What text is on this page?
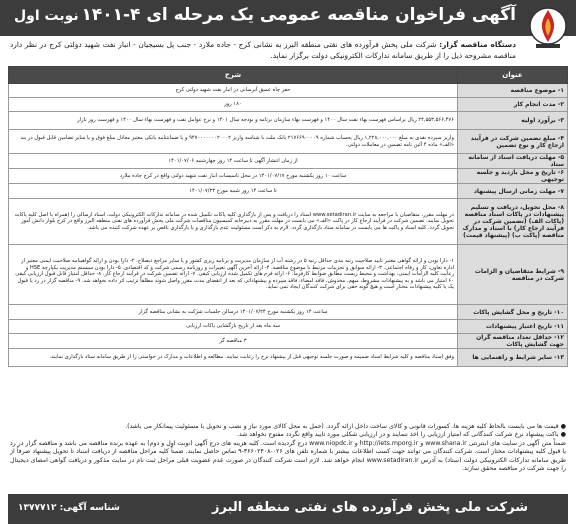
آگهی فراخوان مناقصه عمومی یک مرحله ای ۴-۱۴۰۱
نوبت اول
دستگاه مناقصه گزار: شرکت ملی پخش فرآورده های نفتی منطقه البرز به نشانی کرج - جاده ملارد - جنب پل بسیجیان - انبار نفت شهید دولتی کرج در نظر دارد مناقصه مشروحه ذیل را از طریق سامانه تدارکات الکترونیکی دولت برگزار نماید.
عنوان	شرح
۱- موضوع مناقصه	حفر چاه عمیق آبرسانی در انبار نفت شهید دولتی کرج
۲- مدت انجام کار	۱۸۰ روز
۳- برآورد اولیه	۲۴,۵۵۳,۵۶۶,۴۷۶ ریال براساس فهرست بهاء نفت سال ۱۴۰۰ و فهرست بهاء سازمان برنامه و بودجه سال ۱۴۰۱ و نرخ عوامل نفت و فهرست بهاء سال ۱۴۰۰ و فهرست روز بازار
۴- مبلغ تضمین شرکت در فرآیند ارجاع کار و نوع تضمین	واریز سپرده نقدی به مبلغ ۱,۲۲۸,۰۰۰,۰۰۰ ریال بحساب شماره ۲۱۷۶۶۹۰۰۰۰۹ بانک ملت با شناسه واریز ۹۴۷۰۰۰۰۰۰۰۲۰۰۰۲ و یا ضمانتنامه بانکی معتبر معادل مبلغ فوق و یا سایر تضامین قابل قبول در بند «الف» ماده ۴ آئین نامه تضمین در معاملات دولتی.
۵- مهلت دریافت اسناد از سامانه ستاد	از زمان انتشار آگهی تا ساعت ۱۴ روز چهارشنبه ۱۴۰۱/۰۷/۰۶
۶- تاریخ و محل بازدید و جلسه توجیهی	ساعت ۱۰ روز یکشنبه مورخ ۱۴۰۱/۰۷/۱۷ در محل تاسیسات انبار نفت شهید دولتی واقع در کرج جاده ملارد
۷- مهلت زمانی ارسال پیشنهاد	تا ساعت ۱۴ روز شنبه مورخ ۱۴۰۱/۰۷/۲۳
۸- محل تحویل، دریافت و تسلیم پیشنهادات در پاکات اسناد مناقصه (پاکات الف) (تضمین شرکت در فرآیند ارجاع کار) با اسناد و مدارک مناقصه (پاکت ب) (پیشنهاد قیمت)	در مهلت مقرر، متقاضیان با مراجعه به سایت www.setadiran.ir اسناد را دریافت و پس از بارگذاری کلیه پاکات تکمیل شده در سامانه تدارکات الکترونیکی دولت، اسناد ارسالی را (همراه با اصل کلیه پاکات تحویل نمایند. تضمین شرکت در فرآیند ارجاع کار در پاکت «الف» می بایست در مهلت مقرر به دبیرخانه کمیسیون مناقصات شرکت ملی پخش فرآورده های نفتی منطقه البرز واقع در کرج بلوار دانش آموز تحویل گردد. کلیه اسناد و پاکت ها می بایست در سامانه ستاد بارگذاری گردد. لازم به ذکر است مسئولیت عدم بارگذاری و یا بارگذاری ناقص بر عهده شرکت کننده می باشد.
۹- شرایط متقاضیان و الزامات شرکت در مناقصه	۱- دارا بودن و ارائه گواهی معتبر تایید صلاحیت رتبه بندی حداقل رتبه ۵ در رشته آب از سازمان مدیریت و برنامه ریزی کشور و یا سایر مراجع ذیصلاح. ۲- دارا بودن و ارائه گواهینامه صلاحیت ایمنی معتبر از اداره تعاون، کار و رفاه اجتماعی. ۳- ارائه سوابق و تجربیات مرتبط با موضوع مناقصه. ۴- ارائه آخرین آگهی تغییرات و روزنامه رسمی شرکت و کد اقتصادی. ۵- دارا بودن سیستم مدیریت یکپارچه HSE و رعایت کلیه الزامات ایمنی، بهداشت و محیط زیست مطابق ضوابط کارفرما. ۶- ارائه فرم های تکمیل شده ارزیابی کیفی. ۷- ارائه تضمین شرکت در فرآیند ارجاع کار. ۸- حداقل امتیاز قابل قبول ارزیابی کیفی ۶۰ امتیاز می باشد و به پیشنهادات مشروط، مبهم، مخدوش، فاقد امضاء، فاقد سپرده و پیشنهاداتی که بعد از انقضای مدت مقرر واصل شوند مطلقاً ترتیب اثر داده نخواهد شد. ۹- مناقصه گزار در رد یا قبول یک یا کلیه پیشنهادات مختار است و هیچ گونه حقی برای شرکت کنندگان ایجاد نمی نماید.
۱۰- تاریخ و محل گشایش پاکات	ساعت ۱۴ روز یکشنبه مورخ ۱۴۰۱/۰۷/۲۴ درسالن جلسات شرکت به نشانی مناقصه گزار
۱۱- تاریخ اعتبار پیشنهادات	سه ماه بعد از تاریخ بازگشایی پاکات ارزیابی
۱۲- حداقل تعداد مناقصه گران جهت گشایش پاکات	۳ مناقصه گر
۱۳- سایر شرایط و راهنمایی ها	وفق اسناد مناقصه و کلیه شرایط اسناد ضمیمه و صورت جلسه توجیهی قبل از پیشنهاد نرخ را رعایت نمایند. مطالعه و اطلاعات و مدارک در خواستی را از طریق سامانه ستاد بارگذاری نمایند.

● قیمت ها می بایست بالحاظ کلیه هزینه ها، کسورات قانونی و کالای ساخت داخل ارائه گردد. (حمل به محل کالای مورد نیاز و نصب و تحویل با مسئولیت پیمانکار می باشد).

● باکت پیشنهاد نرخ شرکت کنندگانی که امتیاز ارزیابی را اخذ ننمایند و در ارزیابی شکلی مورد تایید واقع نگردد مفتوح نخواهد شد.

ضمناً متن آگهی در سایت های اینترنتی www.shana.ir و http://iets.mporg.ir و www.niopdc.ir درج گردیده است. کلیه هزینه های درج آگهی (نوبت اول و دوم) به عهده برنده مناقصه می باشد و مناقصه گزار در رد یا قبول کلیه پیشنهادات مختار است. شرکت کنندگان می توانند جهت کسب اطلاعات بیشتر با شماره تلفن های ۰۲۶-۳۶۶۰۲۴۰۸-۹ تماس حاصل نمایند. ضمناً کلیه مراحل مناقصه از دریافت اسناد تا تحویل پیشنهاد صرفاً از طریق سامانه تدارکات الکترونیکی دولت (ستاد) به آدرس www.setadiran.ir انجام خواهد شد. لازم است شرکت کنندگان در صورت عدم عضویت قبلی مراحل ثبت نام در سایت مذکور و دریافت گواهی امضای دیجیتال را جهت شرکت در مناقصه محقق سازند.

شرکت ملی پخش فرآورده های نفتی منطقه البرز
شناسه آگهی: ۱۳۷۷۷۱۲
